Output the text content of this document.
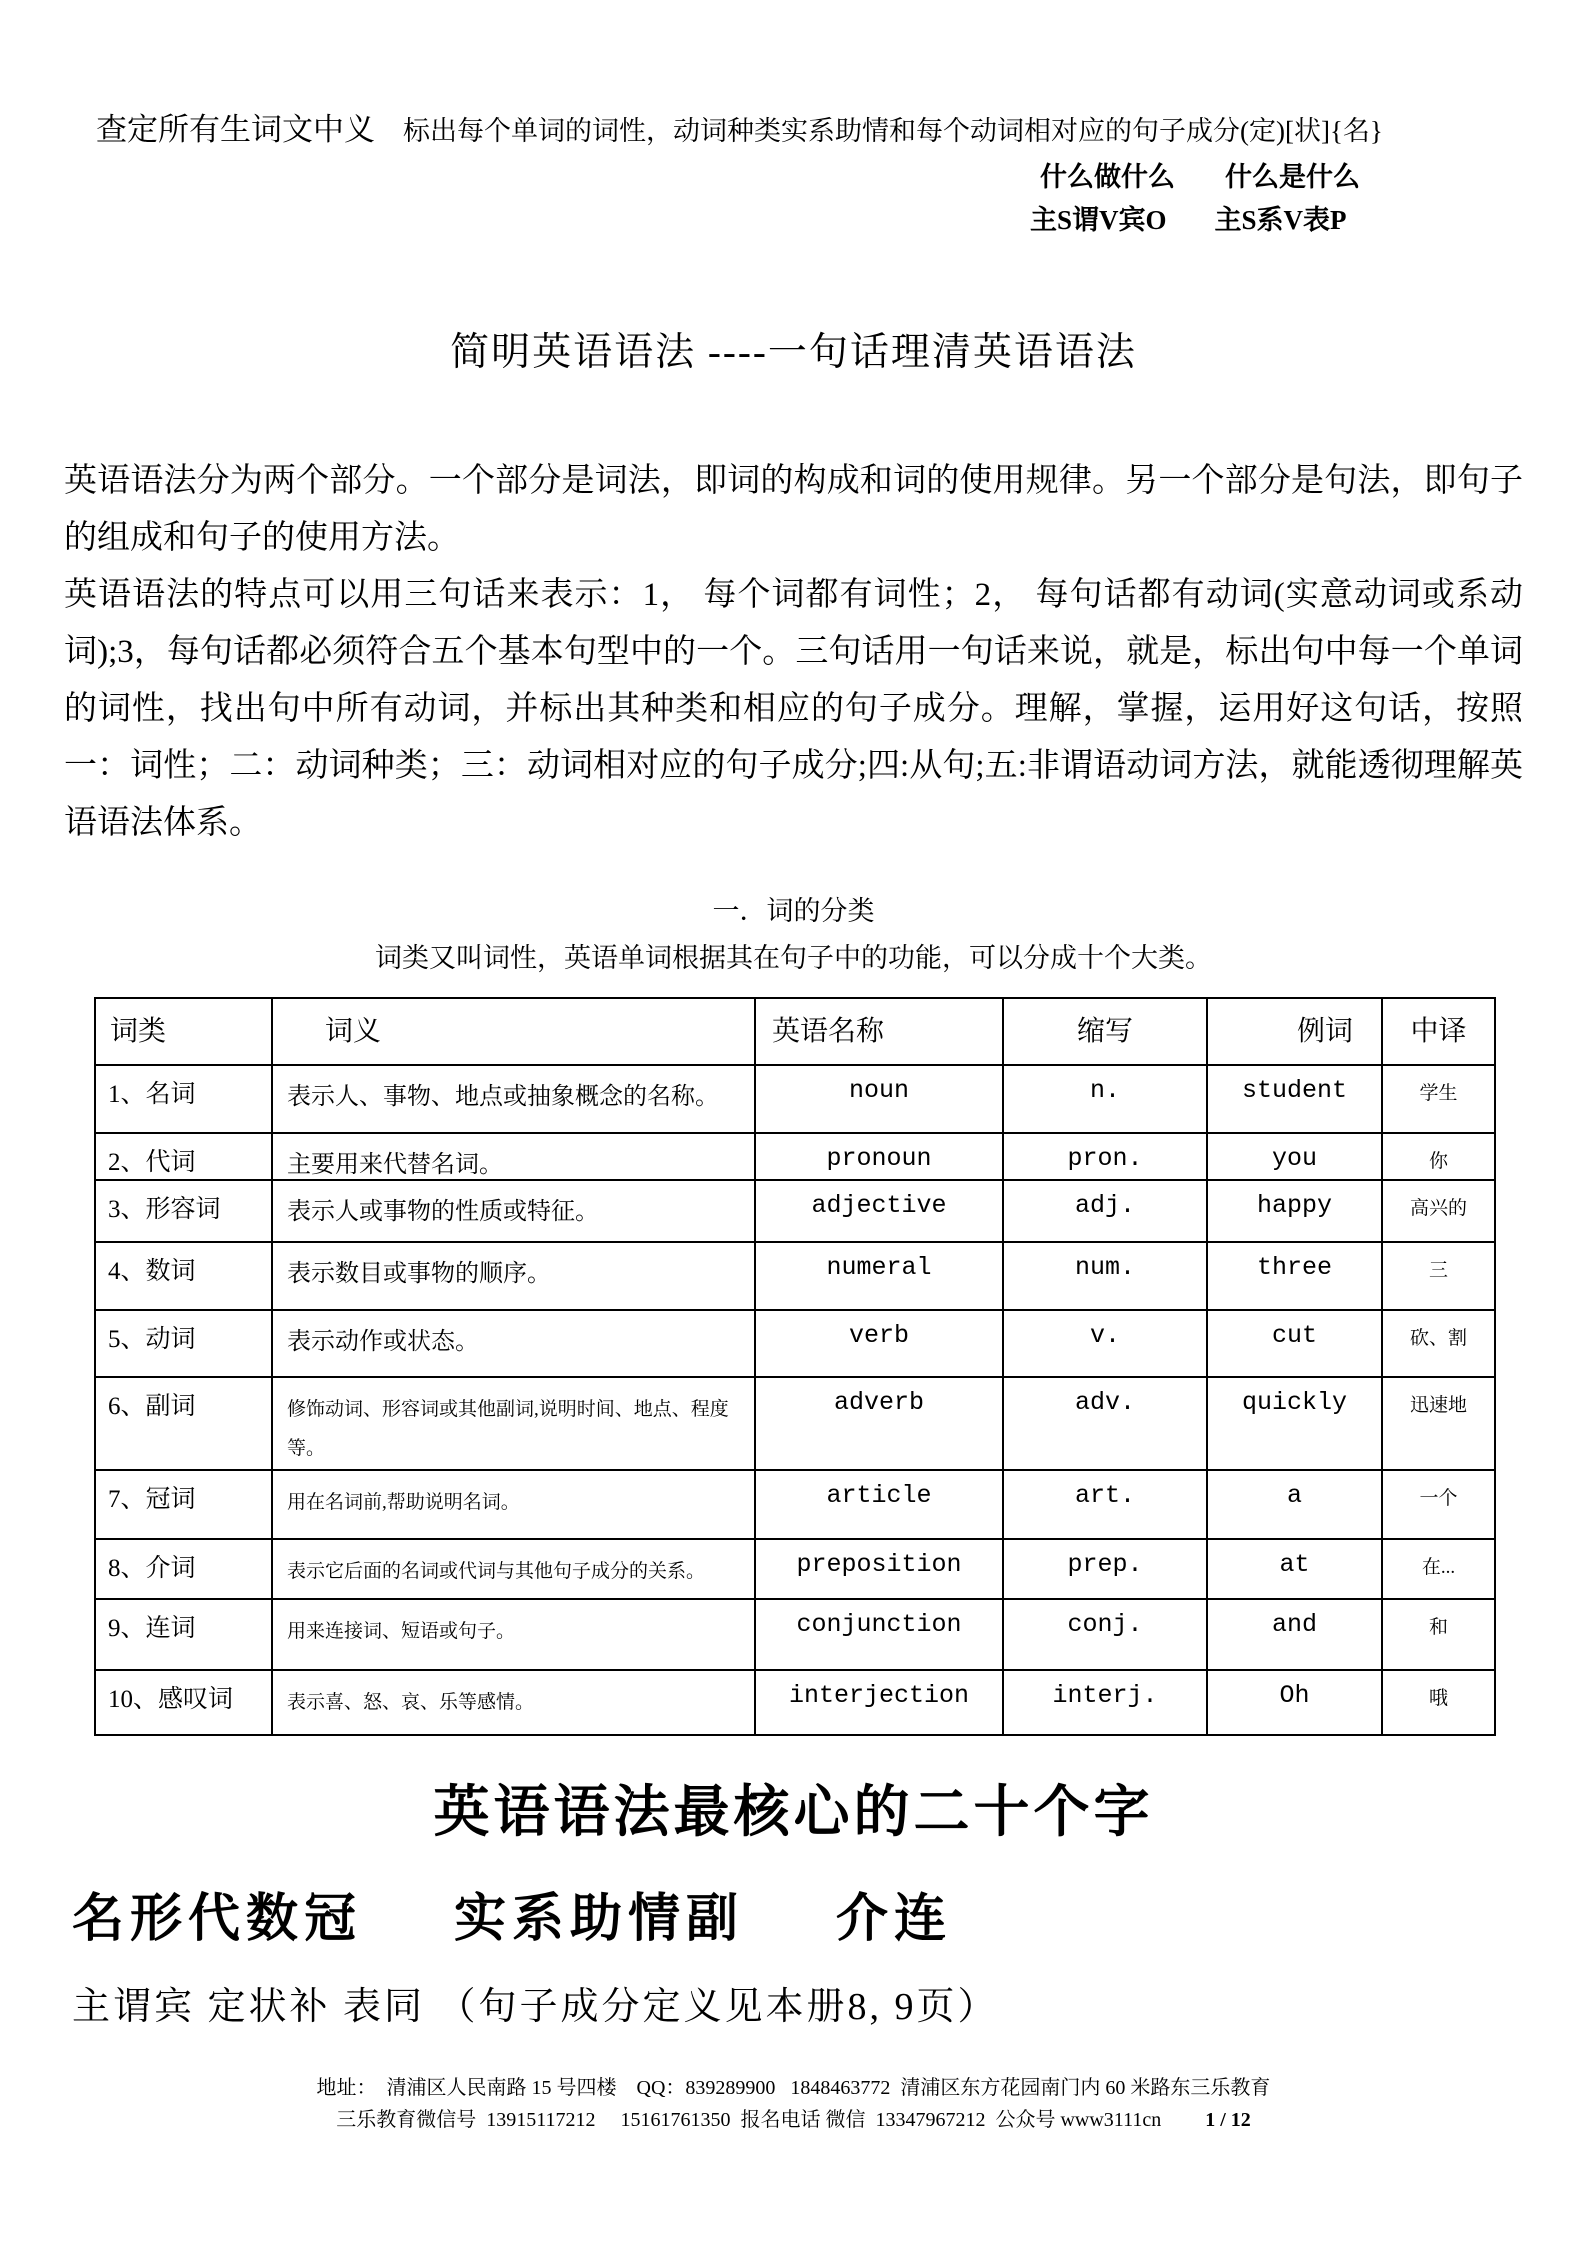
查定所有生词文中义 标出每个单词的词性，动词种类实系助情和每个动词相对应的句子成分(定)[状]{名}
什么做什么 什么是什么
主S谓V宾O 主S系V表P
简明英语语法 ----一句话理清英语语法

英语语法分为两个部分。一个部分是词法，即词的构成和词的使用规律。另一个部分是句法，即句子的组成和句子的使用方法。

英语语法的特点可以用三句话来表示：1， 每个词都有词性；2， 每句话都有动词(实意动词或系动词);3，每句话都必须符合五个基本句型中的一个。三句话用一句话来说，就是，标出句中每一个单词的词性，找出句中所有动词，并标出其种类和相应的句子成分。理解，掌握，运用好这句话，按照一：词性；二：动词种类；三：动词相对应的句子成分;四:从句;五:非谓语动词方法，就能透彻理解英语语法体系。

一．词的分类
词类又叫词性，英语单词根据其在句子中的功能，可以分成十个大类。
词类	词义	英语名称	缩写	例词	中译
1、名词	表示人、事物、地点或抽象概念的名称。	noun	n.	student	学生
2、代词	主要用来代替名词。	pronoun	pron.	you	你
3、形容词	表示人或事物的性质或特征。	adjective	adj.	happy	高兴的
4、数词	表示数目或事物的顺序。	numeral	num.	three	三
5、动词	表示动作或状态。	verb	v.	cut	砍、割
6、副词	修饰动词、形容词或其他副词,说明时间、地点、程度等。	adverb	adv.	quickly	迅速地
7、冠词	用在名词前,帮助说明名词。	article	art.	a	一个
8、介词	表示它后面的名词或代词与其他句子成分的关系。	preposition	prep.	at	在...
9、连词	用来连接词、短语或句子。	conjunction	conj.	and	和
10、感叹词	表示喜、怒、哀、乐等感情。	interjection	interj.	Oh	哦
英语语法最核心的二十个字
名形代数冠 实系助情副 介连
主谓宾 定状补 表同 （句子成分定义见本册8, 9页）
地址：  清浦区人民南路 15 号四楼    QQ：839289900   1848463772  清浦区东方花园南门内 60 米路东三乐教育
三乐教育微信号  13915117212     15161761350  报名电话 微信  13347967212  公众号 www3111cn 1 / 12
